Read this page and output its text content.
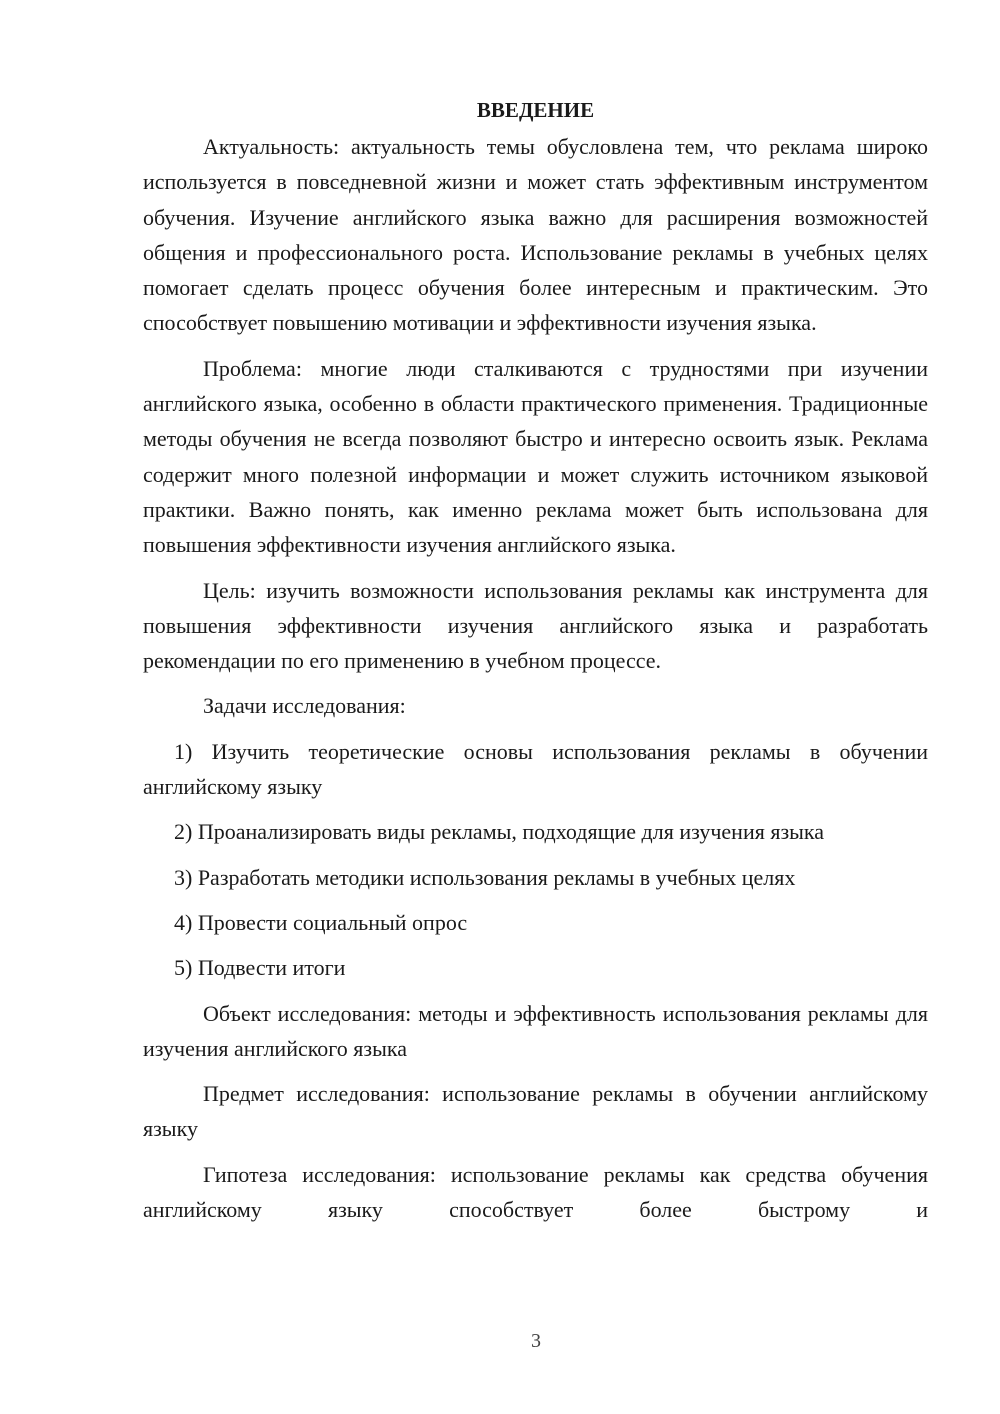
ВВЕДЕНИЕ

Актуальность: актуальность темы обусловлена тем, что реклама широко используется в повседневной жизни и может стать эффективным инструментом обучения. Изучение английского языка важно для расширения возможностей общения и профессионального роста. Использование рекламы в учебных целях помогает сделать процесс обучения более интересным и практическим. Это способствует повышению мотивации и эффективности изучения языка.

Проблема: многие люди сталкиваются с трудностями при изучении английского языка, особенно в области практического применения. Традиционные методы обучения не всегда позволяют быстро и интересно освоить язык. Реклама содержит много полезной информации и может служить источником языковой практики. Важно понять, как именно реклама может быть использована для повышения эффективности изучения английского языка.

Цель: изучить возможности использования рекламы как инструмента для повышения эффективности изучения английского языка и разработать рекомендации по его применению в учебном процессе.

Задачи исследования:

1) Изучить теоретические основы использования рекламы в обучении английскому языку

2) Проанализировать виды рекламы, подходящие для изучения языка

3) Разработать методики использования рекламы в учебных целях

4) Провести социальный опрос

5) Подвести итоги

Объект исследования: методы и эффективность использования рекламы для изучения английского языка

Предмет исследования: использование рекламы в обучении английскому языку

Гипотеза исследования: использование рекламы как средства обучения английскому языку способствует более быстрому и

3
